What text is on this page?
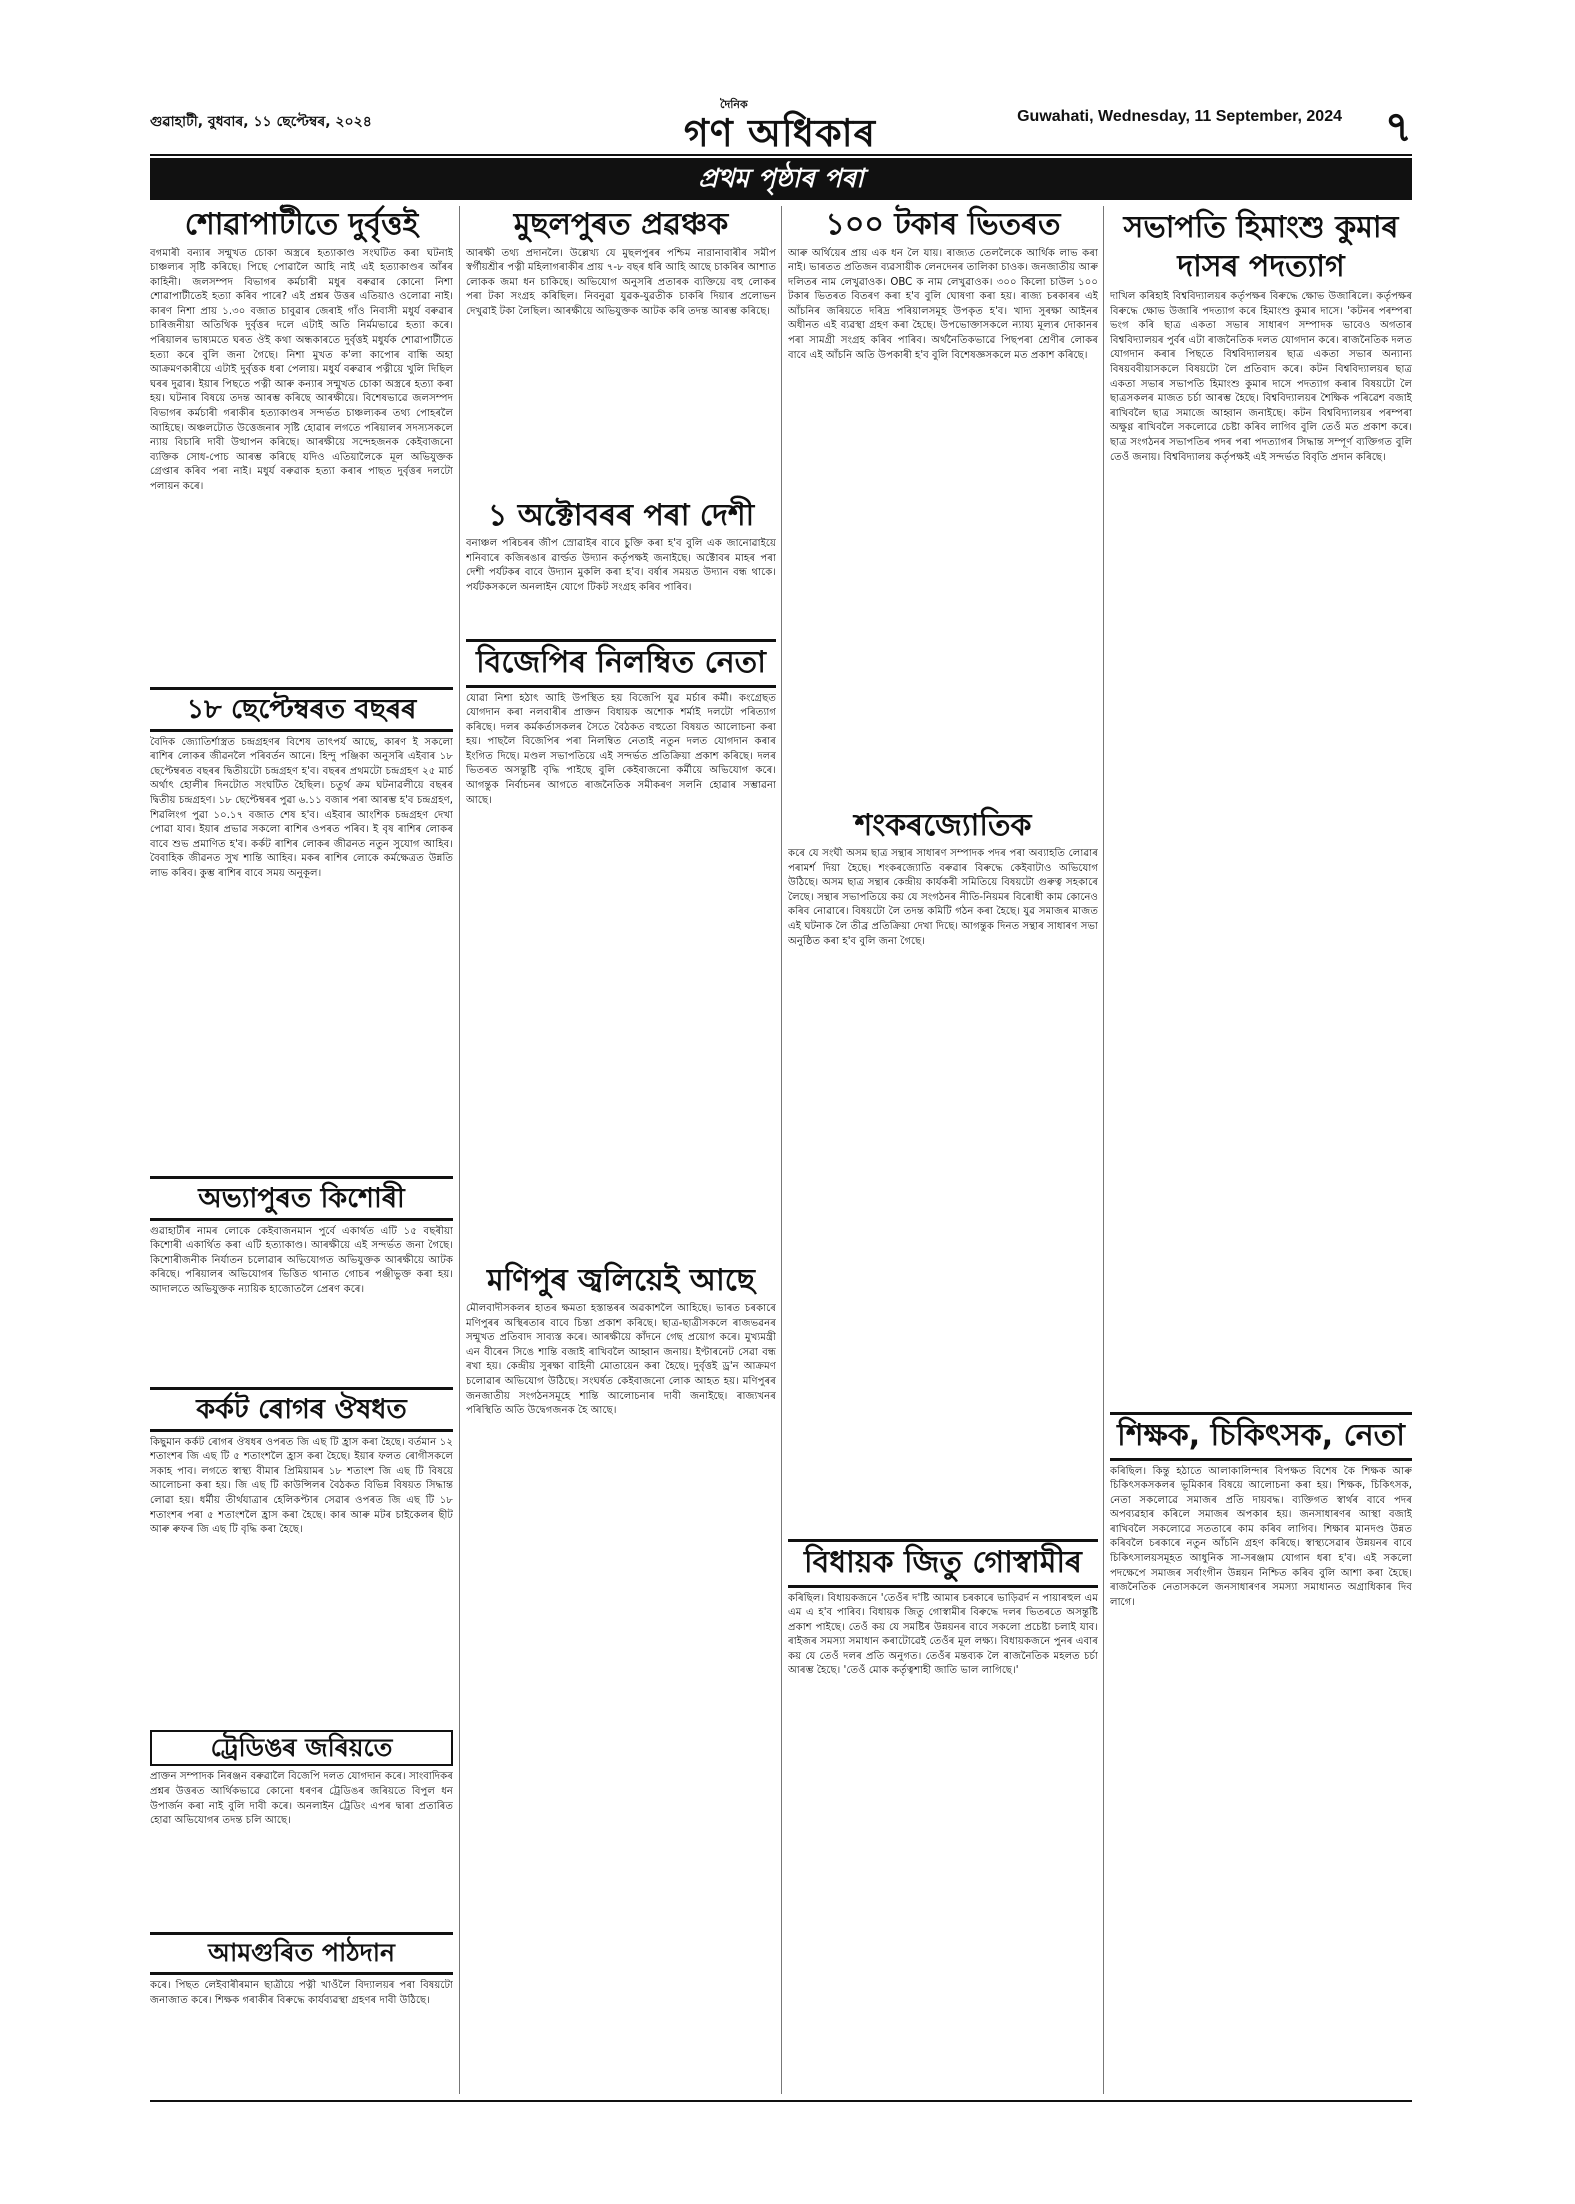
গুৱাহাটী, বুধবাৰ, ১১ ছেপ্টেম্বৰ, ২০২৪
দৈনিক
গণ অধিকাৰ	Guwahati, Wednesday, 11 September, 2024 ৭
প্ৰথম পৃষ্ঠাৰ পৰা
শোৱাপাটীতে দুৰ্বৃত্তই

বগমাৰী বন্যাৰ সন্মুখত চোকা অস্ত্ৰৰে হত্যাকাণ্ড সংঘটিত কৰা ঘটনাই চাঞ্চল্যৰ সৃষ্টি কৰিছে। পিছে পোৱালৈ আহি নাই এই হত্যাকাণ্ডৰ আঁৰৰ কাহিনী। জলসম্পদ বিভাগৰ কৰ্মচাৰী মধুৰ বৰুৱাৰ কোনো নিশা শোৱাপাটীতেই হত্যা কৰিব পাৰে? এই প্ৰশ্নৰ উত্তৰ এতিয়াও ওলোৱা নাই। কাৰণ নিশা প্ৰায় ১.৩০ বজাত চাবুৱাৰ জেৰাই গাঁও নিবাসী মধুৰ্য বৰুৱাৰ চাৰিজনীয়া অতিথিক দুৰ্বৃত্তৰ দলে এটাই অতি নিৰ্মমভাৱে হত্যা কৰে। পৰিয়ালৰ ভাষ্যমতে ঘৰত ঔই কথা অন্ধকাৰতে দুৰ্বৃত্তই মধুৰ্যক শোৱাপাটীতে হত্যা কৰে বুলি জনা গৈছে। নিশা মুখত ক'লা কাপোৰ বান্ধি অহা আক্ৰমণকাৰীয়ে এটাই দুৰ্বৃত্তক ধৰা পেলায়। মধুৰ্য বৰুৱাৰ পত্নীয়ে খুলি দিছিল ঘৰৰ দুৱাৰ। ইয়াৰ পিছতে পত্নী আৰু কন্যাৰ সন্মুখত চোকা অস্ত্ৰৰে হত্যা কৰা হয়। ঘটনাৰ বিষয়ে তদন্ত আৰম্ভ কৰিছে আৰক্ষীয়ে। বিশেষভাৱে জলসম্পদ বিভাগৰ কৰ্মচাৰী গৰাকীৰ হত্যাকাণ্ডৰ সন্দৰ্ভত চাঞ্চল্যকৰ তথ্য পোহৰলৈ আহিছে। অঞ্চলটোত উত্তেজনাৰ সৃষ্টি হোৱাৰ লগতে পৰিয়ালৰ সদস্যসকলে ন্যায় বিচাৰি দাবী উত্থাপন কৰিছে। আৰক্ষীয়ে সন্দেহজনক কেইবাজনো ব্যক্তিক সোধ-পোচ আৰম্ভ কৰিছে যদিও এতিয়ালৈকে মূল অভিযুক্তক গ্ৰেপ্তাৰ কৰিব পৰা নাই। মধুৰ্য বৰুৱাক হত্যা কৰাৰ পাছত দুৰ্বৃত্তৰ দলটো পলায়ন কৰে।

১৮ ছেপ্টেম্বৰত বছৰৰ

বৈদিক জ্যোতিৰ্শাস্ত্ৰত চন্দ্ৰগ্ৰহণৰ বিশেষ তাৎপৰ্য আছে, কাৰণ ই সকলো ৰাশিৰ লোকৰ জীৱনলৈ পৰিবৰ্তন আনে। হিন্দু পঞ্জিকা অনুসৰি এইবাৰ ১৮ ছেপ্টেম্বৰত বছৰৰ দ্বিতীয়টো চন্দ্ৰগ্ৰহণ হ'ব। বছৰৰ প্ৰথমটো চন্দ্ৰগ্ৰহণ ২৫ মাৰ্চ অৰ্থাৎ হোলীৰ দিনটোত সংঘটিত হৈছিল। চতুৰ্থ ক্ৰম ঘটনাৱলীয়ে বছৰৰ দ্বিতীয় চন্দ্ৰগ্ৰহণ। ১৮ ছেপ্টেম্বৰৰ পুৱা ৬.১১ বজাৰ পৰা আৰম্ভ হ'ব চন্দ্ৰগ্ৰহণ, শিৱলিংগ পুৱা ১০.১৭ বজাত শেষ হ'ব। এইবাৰ আংশিক চন্দ্ৰগ্ৰহণ দেখা পোৱা যাব। ইয়াৰ প্ৰভাৱ সকলো ৰাশিৰ ওপৰত পৰিব। ই বৃষ ৰাশিৰ লোকৰ বাবে শুভ প্ৰমাণিত হ'ব। কৰ্কট ৰাশিৰ লোকৰ জীৱনত নতুন সুযোগ আহিব। বৈবাহিক জীৱনত সুখ শান্তি আহিব। মকৰ ৰাশিৰ লোকে কৰ্মক্ষেত্ৰত উন্নতি লাভ কৰিব। কুম্ভ ৰাশিৰ বাবে সময় অনুকূল।

অভ্যাপুৰত কিশোৰী

গুৱাহাটীৰ নামৰ লোকে কেইবাজনমান পুৰ্বে একাৰ্থত এটি ১৫ বছৰীয়া কিশোৰী একাৰ্থিত কৰা এটি হত্যাকাণ্ড। আৰক্ষীয়ে এই সন্দৰ্ভত জনা গৈছে। কিশোৰীজনীক নিৰ্যাতন চলোৱাৰ অভিযোগত অভিযুক্তক আৰক্ষীয়ে আটক কৰিছে। পৰিয়ালৰ অভিযোগৰ ভিত্তিত থানাত গোচৰ পঞ্জীভুক্ত কৰা হয়। আদালতে অভিযুক্তক ন্যায়িক হাজোতলৈ প্ৰেৰণ কৰে।

কৰ্কট ৰোগৰ ঔষধত

কিছুমান কৰ্কট ৰোগৰ ঔষধৰ ওপৰত জি এছ টি হ্ৰাস কৰা হৈছে। বৰ্তমান ১২ শতাংশৰ জি এছ টি ৫ শতাংশলৈ হ্ৰাস কৰা হৈছে। ইয়াৰ ফলত ৰোগীসকলে সকাহ পাব। লগতে স্বাস্থ্য বীমাৰ প্ৰিমিয়ামৰ ১৮ শতাংশ জি এছ টি বিষয়ে আলোচনা কৰা হয়। জি এছ টি কাউন্সিলৰ বৈঠকত বিভিন্ন বিষয়ত সিদ্ধান্ত লোৱা হয়। ধৰ্মীয় তীৰ্থযাত্ৰাৰ হেলিকপ্টাৰ সেৱাৰ ওপৰত জি এছ টি ১৮ শতাংশৰ পৰা ৫ শতাংশলৈ হ্ৰাস কৰা হৈছে। কাৰ আৰু মটৰ চাইকেলৰ ছীট আৰু ৰুফৰ জি এছ টি বৃদ্ধি কৰা হৈছে।

ট্ৰেডিঙৰ জৰিয়তে

প্ৰাক্তন সম্পাদক নিৰঞ্জন বৰুৱালৈ বিজেপি দলত যোগদান কৰে। সাংবাদিকৰ প্ৰশ্নৰ উত্তৰত আৰ্থিকভাৱে কোনো ধৰণৰ ট্ৰেডিঙৰ জৰিয়তে বিপুল ধন উপাৰ্জন কৰা নাই বুলি দাবী কৰে। অনলাইন ট্ৰেডিং এপৰ দ্বাৰা প্ৰতাৰিত হোৱা অভিযোগৰ তদন্ত চলি আছে।

আমগুৰিত পাঠদান

কৰে। পিছত লেইবাৰীৰমান ছাত্ৰীয়ে পত্নী খাওঁলৈ বিদ্যালয়ৰ পৰা বিষয়টো জনাজাত কৰে। শিক্ষক গৰাকীৰ বিৰুদ্ধে কাৰ্যব্যৱস্থা গ্ৰহণৰ দাবী উঠিছে।

মুছলপুৰত প্ৰৱঞ্চক

আৰক্ষী তথ্য প্ৰদানলৈ। উল্লেখ্য যে মুছলপুৰৰ পশ্চিম নারানাবাৰীৰ সমীপ স্বৰ্গীয়শ্ৰীৰ পত্নী মহিলাগৰাকীৰ প্ৰায় ৭-৮ বছৰ ধৰি আহি আছে চাকৰিৰ আশাত লোকক জমা ধন চাকিছে। অভিযোগ অনুসৰি প্ৰতাৰক ব্যক্তিয়ে বহু লোকৰ পৰা টকা সংগ্ৰহ কৰিছিল। নিবনুৱা যুৱক-যুৱতীক চাকৰি দিয়াৰ প্ৰলোভন দেখুৱাই টকা লৈছিল। আৰক্ষীয়ে অভিযুক্তক আটক কৰি তদন্ত আৰম্ভ কৰিছে।

১ অক্টোবৰৰ পৰা দেশী

বনাঞ্চল পৰিচৰৰ জীপ স্ৰোৱাইৰ বাবে চুক্তি কৰা হ'ব বুলি এক জানোৱাইয়ে শনিবাৰে কজিৰঙাৰ ৱাৰ্ল্ডত উদ্যান কৰ্তৃপক্ষই জনাইছে। অক্টোবৰ মাহৰ পৰা দেশী পৰ্যটকৰ বাবে উদ্যান মুকলি কৰা হ'ব। বৰ্ষাৰ সময়ত উদ্যান বন্ধ থাকে। পৰ্যটকসকলে অনলাইন যোগে টিকট সংগ্ৰহ কৰিব পাৰিব।

বিজেপিৰ নিলম্বিত নেতা

যোৱা নিশা হঠাৎ আহি উপস্থিত হয় বিজেপি যুৱ মৰ্চাৰ কৰ্মী। কংগ্ৰেছত যোগদান কৰা নলবাৰীৰ প্ৰাক্তন বিধায়ক অশোক শৰ্মাই দলটো পৰিত্যাগ কৰিছে। দলৰ কৰ্মকৰ্তাসকলৰ সৈতে বৈঠকত বহুতো বিষয়ত আলোচনা কৰা হয়। পাছলৈ বিজেপিৰ পৰা নিলম্বিত নেতাই নতুন দলত যোগদান কৰাৰ ইংগিত দিছে। মণ্ডল সভাপতিয়ে এই সন্দৰ্ভত প্ৰতিক্ৰিয়া প্ৰকাশ কৰিছে। দলৰ ভিতৰত অসন্তুষ্টি বৃদ্ধি পাইছে বুলি কেইবাজনো কৰ্মীয়ে অভিযোগ কৰে। আগন্তুক নিৰ্বাচনৰ আগতে ৰাজনৈতিক সমীকৰণ সলনি হোৱাৰ সম্ভাৱনা আছে।

মণিপুৰ জ্বলিয়েই আছে

মৌলবাদীসকলৰ হাতৰ ক্ষমতা হস্তান্তৰৰ অৱকাশলৈ আহিছে। ভাৰত চৰকাৰে মণিপুৰৰ অস্থিৰতাৰ বাবে চিন্তা প্ৰকাশ কৰিছে। ছাত্ৰ-ছাত্ৰীসকলে ৰাজভৱনৰ সন্মুখত প্ৰতিবাদ সাব্যস্ত কৰে। আৰক্ষীয়ে কাঁদনে গেছ প্ৰয়োগ কৰে। মুখ্যমন্ত্ৰী এন বীৰেন সিঙে শান্তি বজাই ৰাখিবলৈ আহ্বান জনায়। ইণ্টাৰনেট সেৱা বন্ধ ৰখা হয়। কেন্দ্ৰীয় সুৰক্ষা বাহিনী মোতায়েন কৰা হৈছে। দুৰ্বৃত্তই ড্ৰ'ন আক্ৰমণ চলোৱাৰ অভিযোগ উঠিছে। সংঘৰ্ষত কেইবাজনো লোক আহত হয়। মণিপুৰৰ জনজাতীয় সংগঠনসমূহে শান্তি আলোচনাৰ দাবী জনাইছে। ৰাজ্যখনৰ পৰিস্থিতি অতি উদ্বেগজনক হৈ আছে।

১০০ টকাৰ ভিতৰত

আৰু অৰ্থিয়েৰ প্ৰায় এক ধন লৈ যায়। ৰাজ্যত তেললৈকে আৰ্থিক লাভ কৰা নাই। ভাৰতত প্ৰতিজন ব্যৱসায়ীক লেনদেনৰ তালিকা চাওক। জনজাতীয় আৰু দলিতৰ নাম লেখুৱাওক। OBC ক নাম লেখুৱাওক। ৩০০ কিলো চাউল ১০০ টকাৰ ভিতৰত বিতৰণ কৰা হ'ব বুলি ঘোষণা কৰা হয়। ৰাজ্য চৰকাৰৰ এই আঁচনিৰ জৰিয়তে দৰিদ্ৰ পৰিয়ালসমূহ উপকৃত হ'ব। খাদ্য সুৰক্ষা আইনৰ অধীনত এই ব্যৱস্থা গ্ৰহণ কৰা হৈছে। উপভোক্তাসকলে ন্যায্য মূল্যৰ দোকানৰ পৰা সামগ্ৰী সংগ্ৰহ কৰিব পাৰিব। অৰ্থনৈতিকভাৱে পিছপৰা শ্ৰেণীৰ লোকৰ বাবে এই আঁচনি অতি উপকাৰী হ'ব বুলি বিশেষজ্ঞসকলে মত প্ৰকাশ কৰিছে।

শংকৰজ্যোতিক

কৰে যে সংঘী অসম ছাত্ৰ সন্থাৰ সাধাৰণ সম্পাদক পদৰ পৰা অব্যাহতি লোৱাৰ পৰামৰ্শ দিয়া হৈছে। শংকৰজ্যোতি বৰুৱাৰ বিৰুদ্ধে কেইবাটাও অভিযোগ উঠিছে। অসম ছাত্ৰ সন্থাৰ কেন্দ্ৰীয় কাৰ্যকৰী সমিতিয়ে বিষয়টো গুৰুত্ব সহকাৰে লৈছে। সন্থাৰ সভাপতিয়ে কয় যে সংগঠনৰ নীতি-নিয়মৰ বিৰোধী কাম কোনেও কৰিব নোৱাৰে। বিষয়টো লৈ তদন্ত কমিটি গঠন কৰা হৈছে। যুৱ সমাজৰ মাজত এই ঘটনাক লৈ তীব্ৰ প্ৰতিক্ৰিয়া দেখা দিছে। আগন্তুক দিনত সন্থাৰ সাধাৰণ সভা অনুষ্ঠিত কৰা হ'ব বুলি জনা গৈছে।

বিধায়ক জিতু গোস্বামীৰ

কৰিছিল। বিধায়কজনে 'তেওঁৰ দ'ষ্টি আমাৰ চৰকাৰে ভাড়িৱৰ্দ ন পায়াৰহুল এম এম এ হ'ব পাৰিব। বিধায়ক জিতু গোস্বামীৰ বিৰুদ্ধে দলৰ ভিতৰতে অসন্তুষ্টি প্ৰকাশ পাইছে। তেওঁ কয় যে সমষ্টিৰ উন্নয়নৰ বাবে সকলো প্ৰচেষ্টা চলাই যাব। ৰাইজৰ সমস্যা সমাধান কৰাটোৱেই তেওঁৰ মূল লক্ষ্য। বিধায়কজনে পুনৰ এবাৰ কয় যে তেওঁ দলৰ প্ৰতি অনুগত। তেওঁৰ মন্তব্যক লৈ ৰাজনৈতিক মহলত চৰ্চা আৰম্ভ হৈছে। 'তেওঁ মোক কৰ্তৃত্বশাহী জাতি ভাল লাগিছে।'

সভাপতি হিমাংশু কুমাৰ দাসৰ পদত্যাগ

দাখিল কৰিহাই বিশ্ববিদ্যালয়ৰ কৰ্তৃপক্ষৰ বিৰুদ্ধে ক্ষোভ উজাৰিলে। কৰ্তৃপক্ষৰ বিৰুদ্ধে ক্ষোভ উজাৰি পদত্যাগ কৰে হিমাংশু কুমাৰ দাসে। 'কটনৰ পৰম্পৰা ভংগ কৰি ছাত্ৰ একতা সভাৰ সাধাৰণ সম্পাদক ভাবেও অগতাৰ বিশ্ববিদ্যালয়ৰ পুৰ্বৰ এটা ৰাজনৈতিক দলত যোগদান কৰে। ৰাজনৈতিক দলত যোগদান কৰাৰ পিছতে বিশ্ববিদ্যালয়ৰ ছাত্ৰ একতা সভাৰ অন্যান্য বিষয়ববীয়াসকলে বিষয়টো লৈ প্ৰতিবাদ কৰে। কটন বিশ্ববিদ্যালয়ৰ ছাত্ৰ একতা সভাৰ সভাপতি হিমাংশু কুমাৰ দাসে পদত্যাগ কৰাৰ বিষয়টো লৈ ছাত্ৰসকলৰ মাজত চৰ্চা আৰম্ভ হৈছে। বিশ্ববিদ্যালয়ৰ শৈক্ষিক পৰিৱেশ বজাই ৰাখিবলৈ ছাত্ৰ সমাজে আহ্বান জনাইছে। কটন বিশ্ববিদ্যালয়ৰ পৰম্পৰা অক্ষুণ্ণ ৰাখিবলৈ সকলোৱে চেষ্টা কৰিব লাগিব বুলি তেওঁ মত প্ৰকাশ কৰে। ছাত্ৰ সংগঠনৰ সভাপতিৰ পদৰ পৰা পদত্যাগৰ সিদ্ধান্ত সম্পূৰ্ণ ব্যক্তিগত বুলি তেওঁ জনায়। বিশ্ববিদ্যালয় কৰ্তৃপক্ষই এই সন্দৰ্ভত বিবৃতি প্ৰদান কৰিছে।

শিক্ষক, চিকিৎসক, নেতা

কৰিছিল। কিন্তু হঠাতে আলাকালিন্দাৰ বিপক্ষত বিশেষ কৈ শিক্ষক আৰু চিকিৎসকসকলৰ ভূমিকাৰ বিষয়ে আলোচনা কৰা হয়। শিক্ষক, চিকিৎসক, নেতা সকলোৱে সমাজৰ প্ৰতি দায়বদ্ধ। ব্যক্তিগত স্বাৰ্থৰ বাবে পদৰ অপব্যৱহাৰ কৰিলে সমাজৰ অপকাৰ হয়। জনসাধাৰণৰ আস্থা বজাই ৰাখিবলৈ সকলোৱে সততাৰে কাম কৰিব লাগিব। শিক্ষাৰ মানদণ্ড উন্নত কৰিবলৈ চৰকাৰে নতুন আঁচনি গ্ৰহণ কৰিছে। স্বাস্থ্যসেৱাৰ উন্নয়নৰ বাবে চিকিৎসালয়সমূহত আধুনিক সা-সৰঞ্জাম যোগান ধৰা হ'ব। এই সকলো পদক্ষেপে সমাজৰ সৰ্বাংগীন উন্নয়ন নিশ্চিত কৰিব বুলি আশা কৰা হৈছে। ৰাজনৈতিক নেতাসকলে জনসাধাৰণৰ সমস্যা সমাধানত অগ্ৰাধিকাৰ দিব লাগে।
